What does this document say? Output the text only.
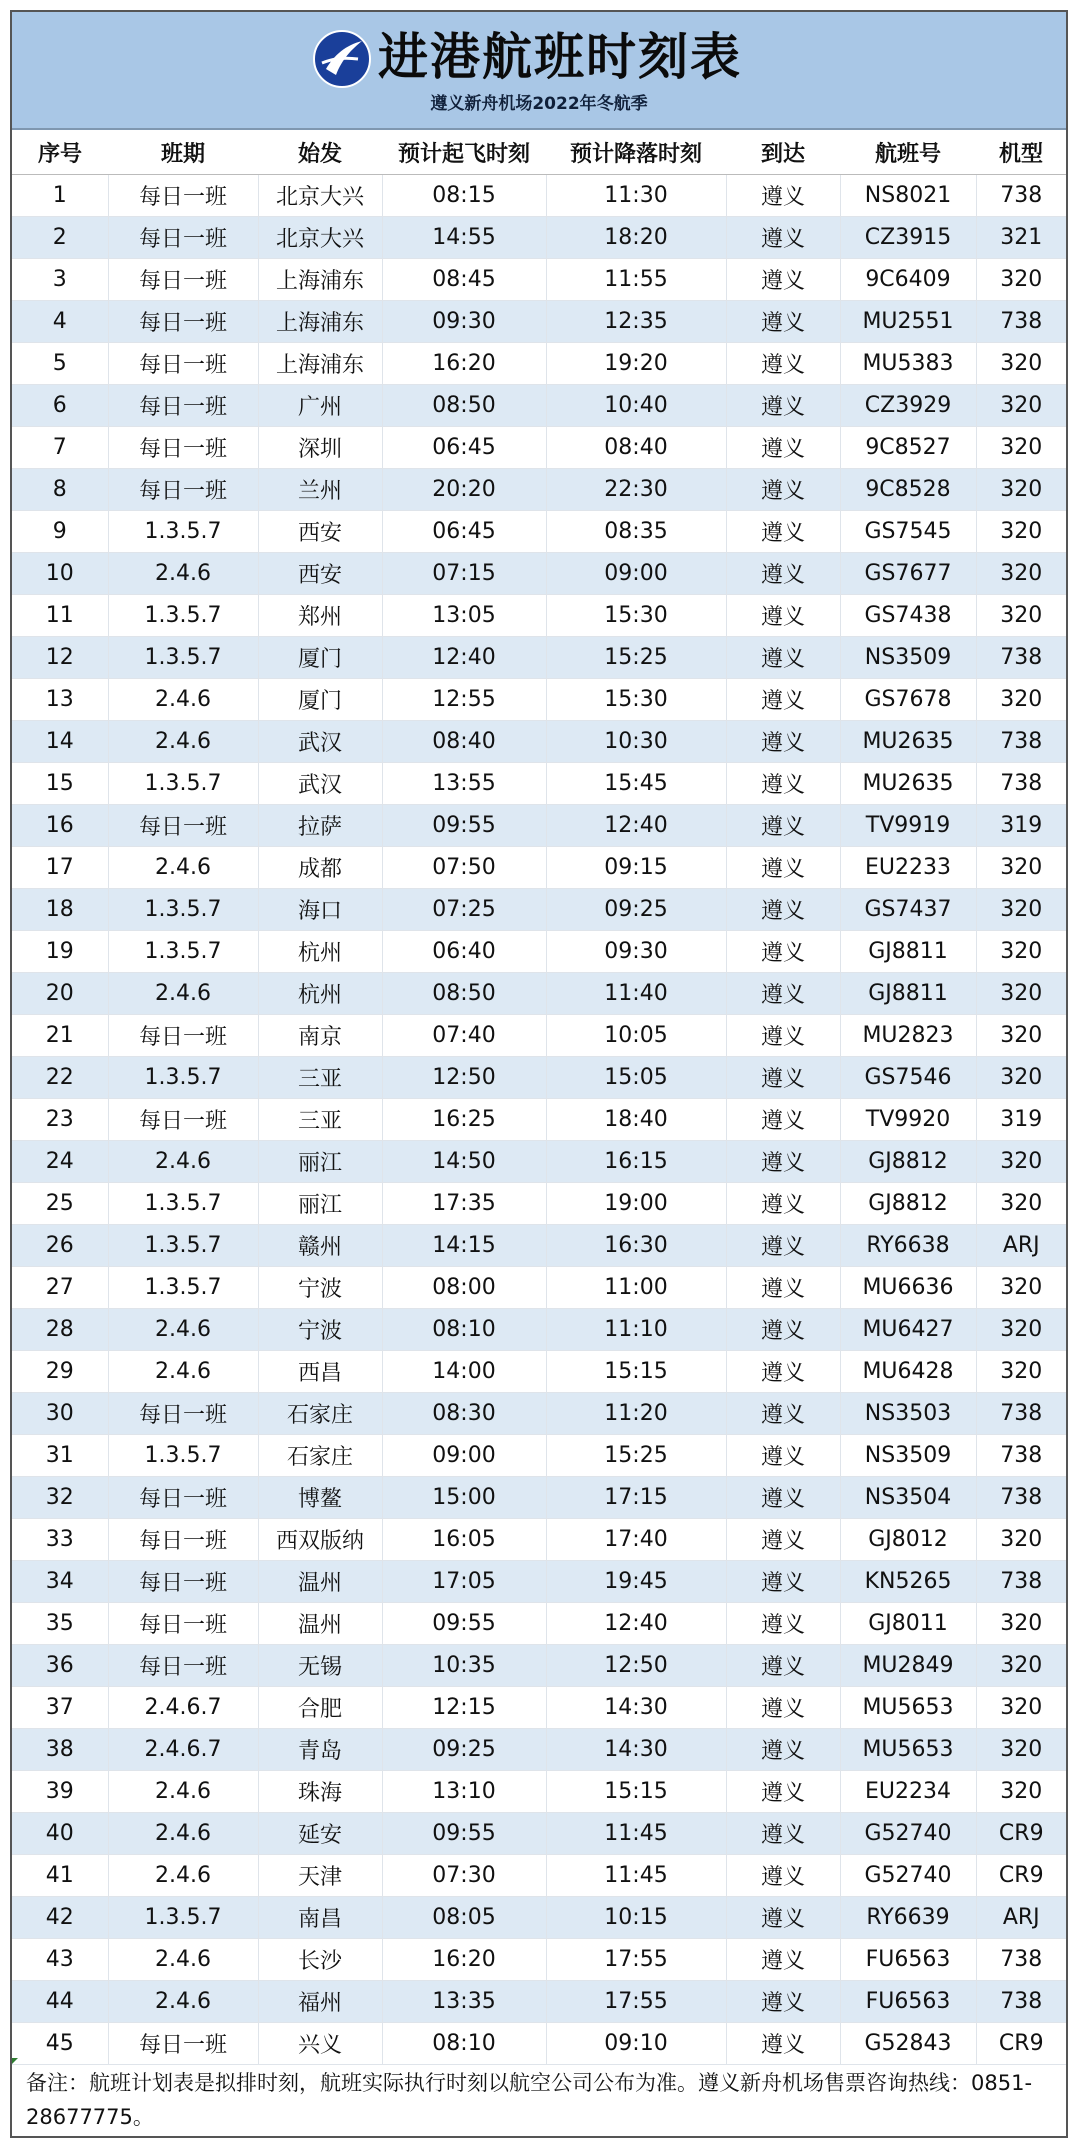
进港航班时刻表
遵义新舟机场2022年冬航季
序号	班期	始发	预计起飞时刻	预计降落时刻	到达	航班号	机型
1	每日一班	北京大兴	08:15	11:30	遵义	NS8021	738
2	每日一班	北京大兴	14:55	18:20	遵义	CZ3915	321
3	每日一班	上海浦东	08:45	11:55	遵义	9C6409	320
4	每日一班	上海浦东	09:30	12:35	遵义	MU2551	738
5	每日一班	上海浦东	16:20	19:20	遵义	MU5383	320
6	每日一班	广州	08:50	10:40	遵义	CZ3929	320
7	每日一班	深圳	06:45	08:40	遵义	9C8527	320
8	每日一班	兰州	20:20	22:30	遵义	9C8528	320
9	1.3.5.7	西安	06:45	08:35	遵义	GS7545	320
10	2.4.6	西安	07:15	09:00	遵义	GS7677	320
11	1.3.5.7	郑州	13:05	15:30	遵义	GS7438	320
12	1.3.5.7	厦门	12:40	15:25	遵义	NS3509	738
13	2.4.6	厦门	12:55	15:30	遵义	GS7678	320
14	2.4.6	武汉	08:40	10:30	遵义	MU2635	738
15	1.3.5.7	武汉	13:55	15:45	遵义	MU2635	738
16	每日一班	拉萨	09:55	12:40	遵义	TV9919	319
17	2.4.6	成都	07:50	09:15	遵义	EU2233	320
18	1.3.5.7	海口	07:25	09:25	遵义	GS7437	320
19	1.3.5.7	杭州	06:40	09:30	遵义	GJ8811	320
20	2.4.6	杭州	08:50	11:40	遵义	GJ8811	320
21	每日一班	南京	07:40	10:05	遵义	MU2823	320
22	1.3.5.7	三亚	12:50	15:05	遵义	GS7546	320
23	每日一班	三亚	16:25	18:40	遵义	TV9920	319
24	2.4.6	丽江	14:50	16:15	遵义	GJ8812	320
25	1.3.5.7	丽江	17:35	19:00	遵义	GJ8812	320
26	1.3.5.7	赣州	14:15	16:30	遵义	RY6638	ARJ
27	1.3.5.7	宁波	08:00	11:00	遵义	MU6636	320
28	2.4.6	宁波	08:10	11:10	遵义	MU6427	320
29	2.4.6	西昌	14:00	15:15	遵义	MU6428	320
30	每日一班	石家庄	08:30	11:20	遵义	NS3503	738
31	1.3.5.7	石家庄	09:00	15:25	遵义	NS3509	738
32	每日一班	博鳌	15:00	17:15	遵义	NS3504	738
33	每日一班	西双版纳	16:05	17:40	遵义	GJ8012	320
34	每日一班	温州	17:05	19:45	遵义	KN5265	738
35	每日一班	温州	09:55	12:40	遵义	GJ8011	320
36	每日一班	无锡	10:35	12:50	遵义	MU2849	320
37	2.4.6.7	合肥	12:15	14:30	遵义	MU5653	320
38	2.4.6.7	青岛	09:25	14:30	遵义	MU5653	320
39	2.4.6	珠海	13:10	15:15	遵义	EU2234	320
40	2.4.6	延安	09:55	11:45	遵义	G52740	CR9
41	2.4.6	天津	07:30	11:45	遵义	G52740	CR9
42	1.3.5.7	南昌	08:05	10:15	遵义	RY6639	ARJ
43	2.4.6	长沙	16:20	17:55	遵义	FU6563	738
44	2.4.6	福州	13:35	17:55	遵义	FU6563	738
45	每日一班	兴义	08:10	09:10	遵义	G52843	CR9
备注：航班计划表是拟排时刻，航班实际执行时刻以航空公司公布为准。遵义新舟机场售票咨询热线：0851-28677775。
